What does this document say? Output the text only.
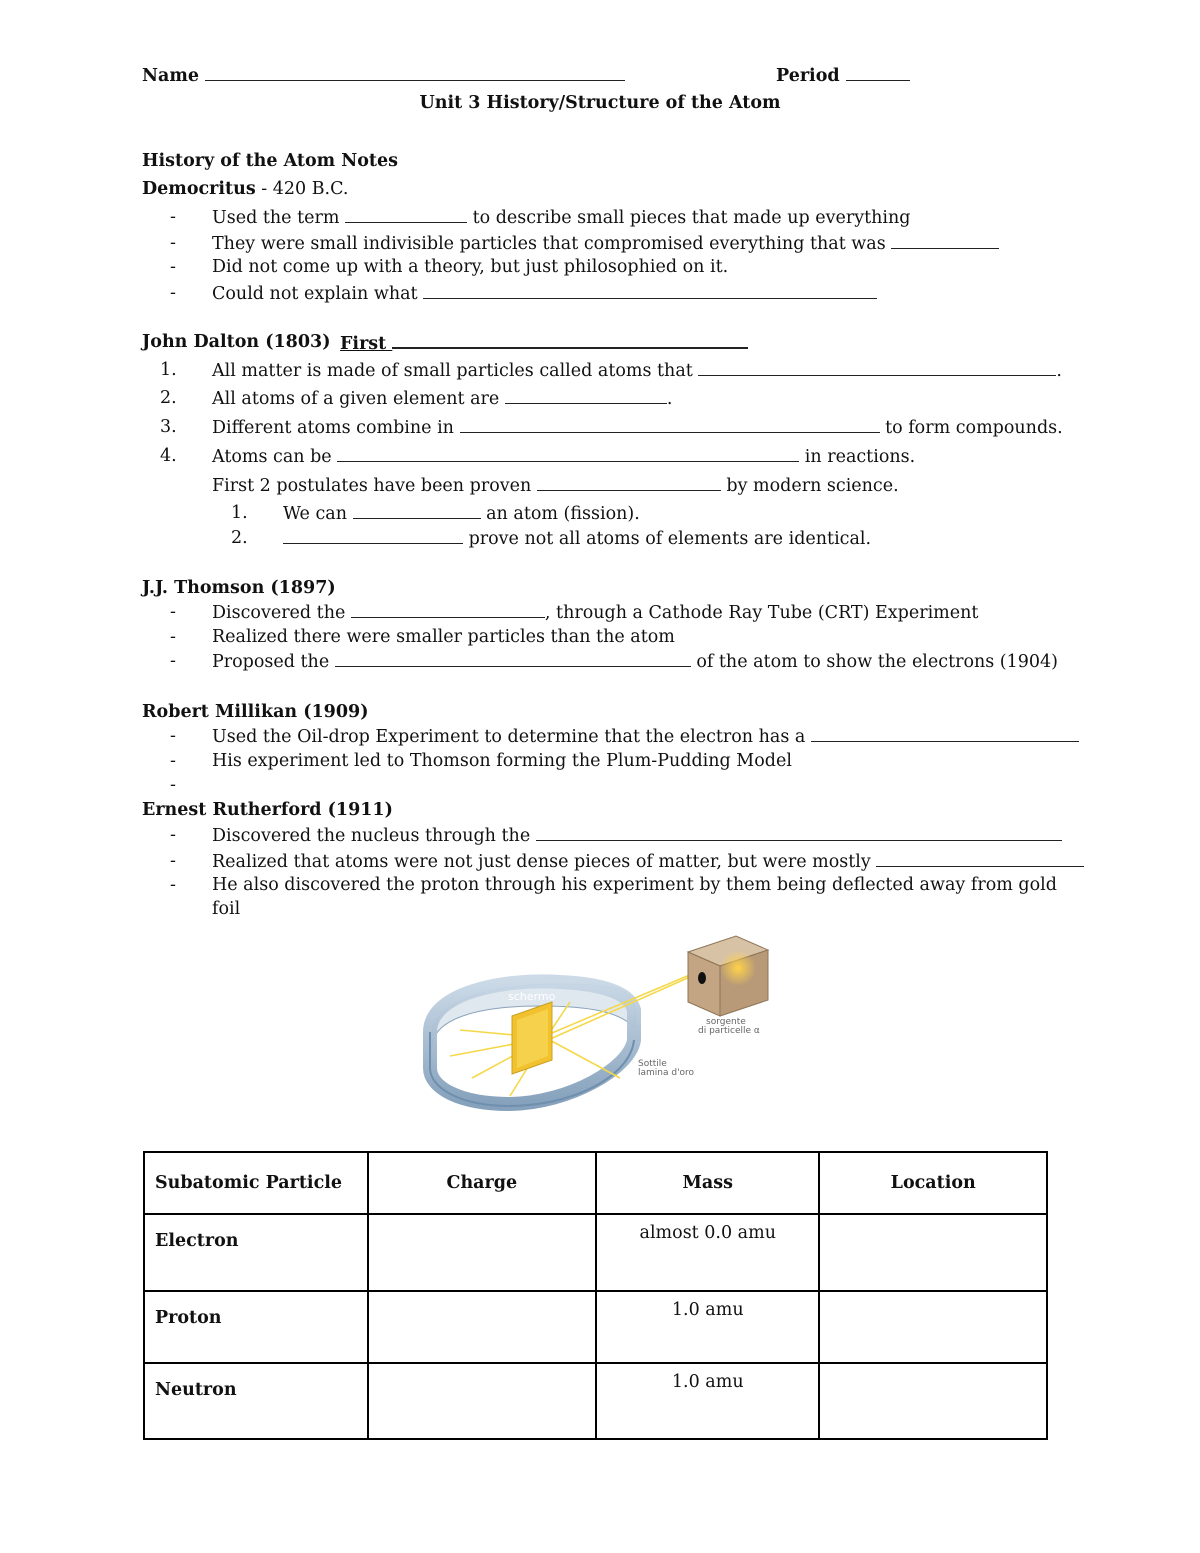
Name	Period
Unit 3 History/Structure of the Atom
History of the Atom Notes
Democritus - 420 B.C.
- Used the term	to describe small pieces that made up everything
- They were small indivisible particles that compromised everything that was
- Did not come up with a theory, but just philosophied on it.
- Could not explain what
John Dalton (1803) First
1. All matter is made of small particles called atoms that	.
2. All atoms of a given element are	.
3. Different atoms combine in	to form compounds.
4. Atoms can be	in reactions.
First 2 postulates have been proven	by modern science.
1. We can	an atom (fission).
2.	prove not all atoms of elements are identical.
J.J. Thomson (1897)
- Discovered the	, through a Cathode Ray Tube (CRT) Experiment
- Realized there were smaller particles than the atom
- Proposed the	of the atom to show the electrons (1904)
Robert Millikan (1909)
- Used the Oil-drop Experiment to determine that the electron has a
- His experiment led to Thomson forming the Plum-Pudding Model
-
Ernest Rutherford (1911)
- Discovered the nucleus through the
- Realized that atoms were not just dense pieces of matter, but were mostly
- He also discovered the proton through his experiment by them being deflected away from gold
foil
schermo
sorgente
di particelle α
Sottile
lamina d'oro
Subatomic Particle	Charge	Mass	Location
Electron		almost 0.0 amu	
Proton		1.0 amu	
Neutron		1.0 amu	
